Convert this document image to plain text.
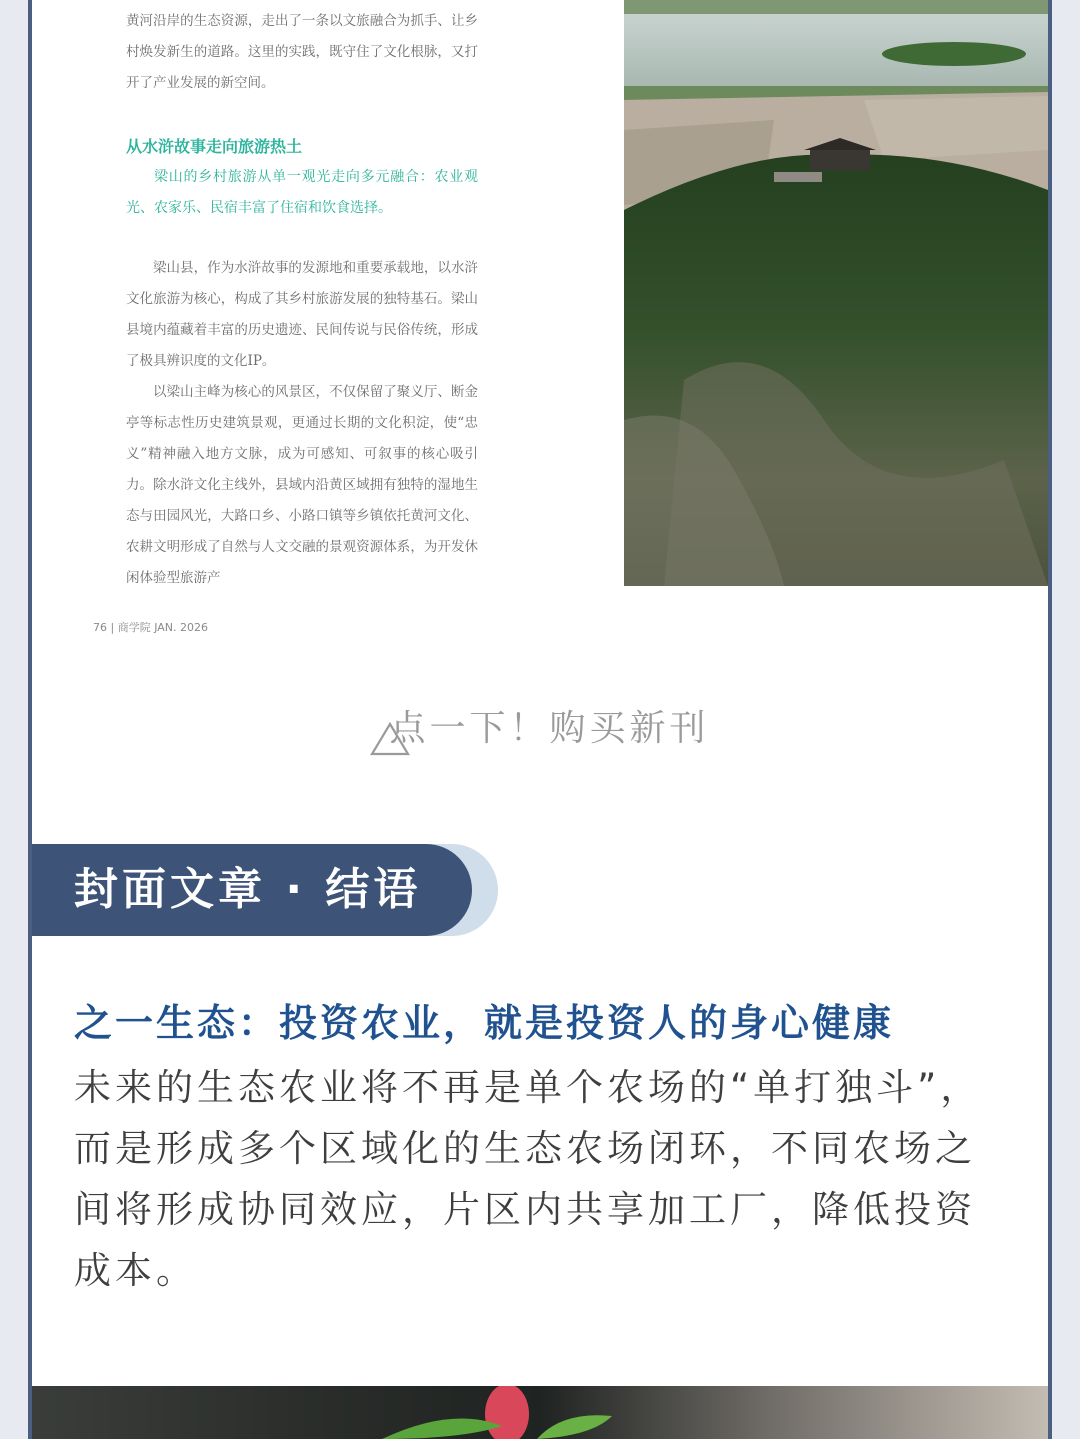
黄河沿岸的生态资源，走出了一条以文旅融合为抓手、让乡村焕发新生的道路。这里的实践，既守住了文化根脉，又打开了产业发展的新空间。

从水浒故事走向旅游热土

梁山的乡村旅游从单一观光走向多元融合：农业观光、农家乐、民宿丰富了住宿和饮食选择。

梁山县，作为水浒故事的发源地和重要承载地，以水浒文化旅游为核心，构成了其乡村旅游发展的独特基石。梁山县境内蕴藏着丰富的历史遗迹、民间传说与民俗传统，形成了极具辨识度的文化IP。

以梁山主峰为核心的风景区，不仅保留了聚义厅、断金亭等标志性历史建筑景观，更通过长期的文化积淀，使“忠义”精神融入地方文脉，成为可感知、可叙事的核心吸引力。除水浒文化主线外，县域内沿黄区域拥有独特的湿地生态与田园风光，大路口乡、小路口镇等乡镇依托黄河文化、农耕文明形成了自然与人文交融的景观资源体系，为开发休闲体验型旅游产

76 | 商学院 JAN. 2026
点一下！购买新刊
封面文章 · 结语
之一生态：投资农业，就是投资人的身心健康

未来的生态农业将不再是单个农场的“单打独斗”，而是形成多个区域化的生态农场闭环，不同农场之间将形成协同效应，片区内共享加工厂，降低投资成本。
